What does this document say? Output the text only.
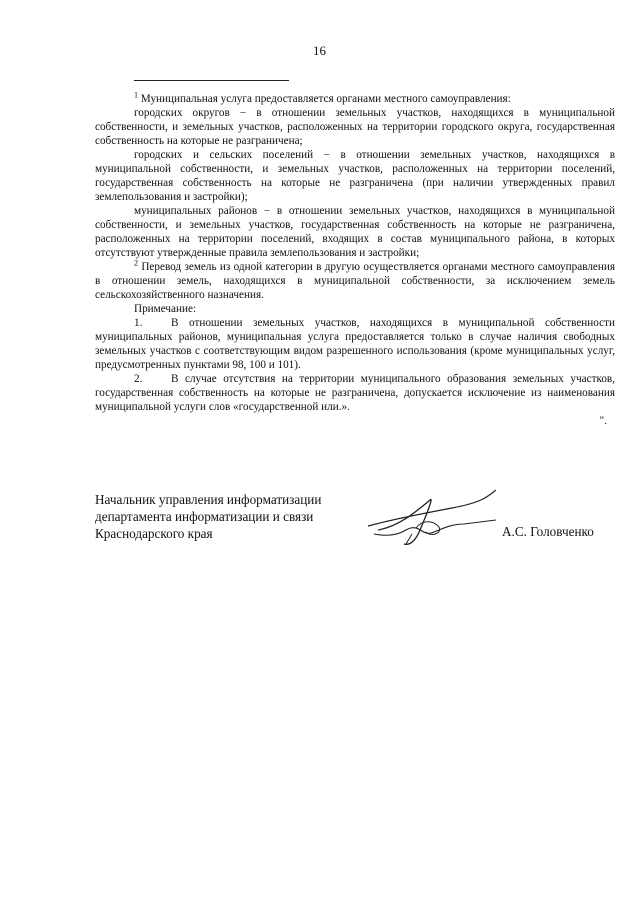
16

$^1$ Муниципальная услуга предоставляется органами местного самоуправления:

городских округов − в отношении земельных участков, находящихся в муниципальной собственности, и земельных участков, расположенных на территории городского округа, государственная собственность на которые не разграничена;

городских и сельских поселений − в отношении земельных участков, находящихся в муниципальной собственности, и земельных участков, расположенных на территории поселений, государственная собственность на которые не разграничена (при наличии утвержденных правил землепользования и застройки);

муниципальных районов − в отношении земельных участков, находящихся в муниципальной собственности, и земельных участков, государственная собственность на которые не разграничена, расположенных на территории поселений, входящих в состав муниципального района, в которых отсутствуют утвержденные правила землепользования и застройки;

$^2$ Перевод земель из одной категории в другую осуществляется органами местного самоуправления в отношении земель, находящихся в муниципальной собственности, за исключением земель сельскохозяйственного назначения.

Примечание:

1.	В отношении земельных участков, находящихся в муниципальной собственности муниципальных районов, муниципальная услуга предоставляется только в случае наличия свободных земельных участков с соответствующим видом разрешенного использования (кроме муниципальных услуг, предусмотренных пунктами 98, 100 и 101).

2.	В случае отсутствия на территории муниципального образования земельных участков, государственная собственность на которые не разграничена, допускается исключение из наименования муниципальной услуги слов «государственной или.».

".

Начальник управления информатизации
департамента информатизации и связи
Краснодарского края	А.С. Головченко
